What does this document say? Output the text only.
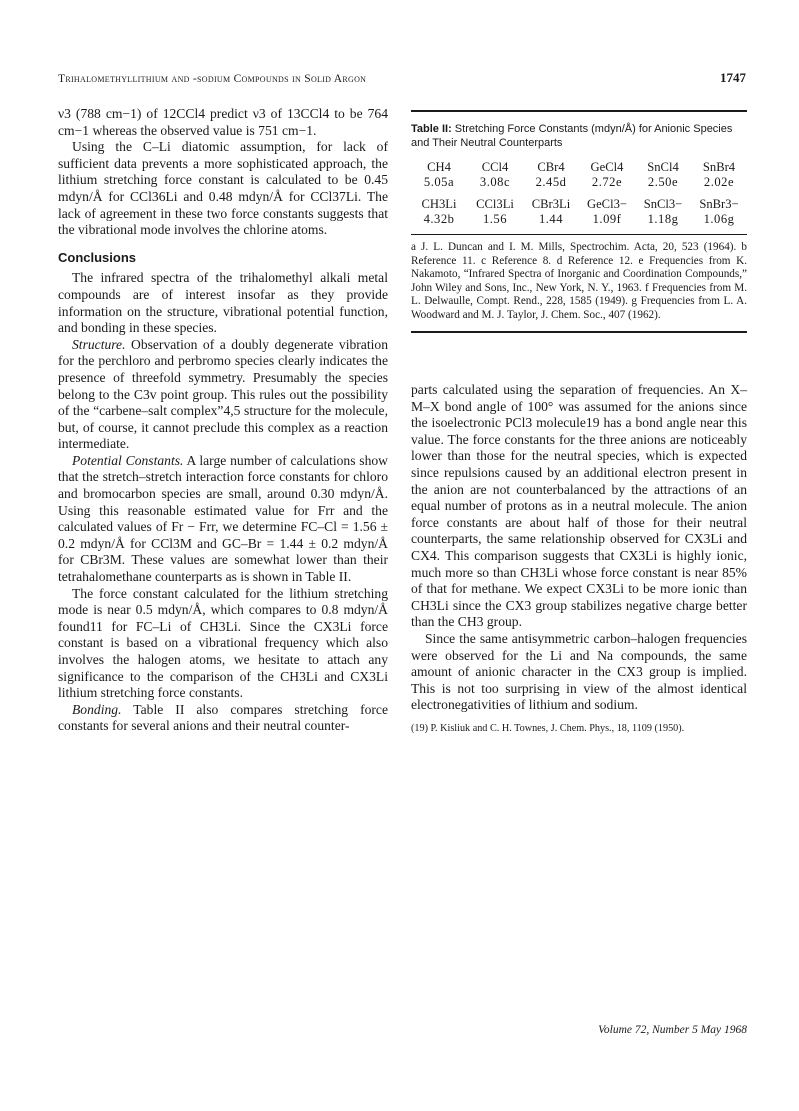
Trihalomethyllithium and -sodium Compounds in Solid Argon	1747

ν3 (788 cm−1) of 12CCl4 predict ν3 of 13CCl4 to be 764 cm−1 whereas the observed value is 751 cm−1.

Using the C–Li diatomic assumption, for lack of sufficient data prevents a more sophisticated approach, the lithium stretching force constant is calculated to be 0.45 mdyn/Å for CCl36Li and 0.48 mdyn/Å for CCl37Li. The lack of agreement in these two force constants suggests that the vibrational mode involves the chlorine atoms.

Conclusions

The infrared spectra of the trihalomethyl alkali metal compounds are of interest insofar as they provide information on the structure, vibrational potential function, and bonding in these species.

Structure. Observation of a doubly degenerate vibration for the perchloro and perbromo species clearly indicates the presence of threefold symmetry. Presumably the species belong to the C3v point group. This rules out the possibility of the “carbene–salt complex”4,5 structure for the molecule, but, of course, it cannot preclude this complex as a reaction intermediate.

Potential Constants. A large number of calculations show that the stretch–stretch interaction force constants for chloro and bromocarbon species are small, around 0.30 mdyn/Å. Using this reasonable estimated value for Frr and the calculated values of Fr − Frr, we determine FC–Cl = 1.56 ± 0.2 mdyn/Å for CCl3M and GC–Br = 1.44 ± 0.2 mdyn/Å for CBr3M. These values are somewhat lower than their tetrahalomethane counterparts as is shown in Table II.

The force constant calculated for the lithium stretching mode is near 0.5 mdyn/Å, which compares to 0.8 mdyn/Å found11 for FC–Li of CH3Li. Since the CX3Li force constant is based on a vibrational frequency which also involves the halogen atoms, we hesitate to attach any significance to the comparison of the CH3Li and CX3Li lithium stretching force constants.

Bonding. Table II also compares stretching force constants for several anions and their neutral counter-

Table II: Stretching Force Constants (mdyn/Å) for Anionic Species and Their Neutral Counterparts
CH4	CCl4	CBr4	GeCl4	SnCl4	SnBr4
5.05a	3.08c	2.45d	2.72e	2.50e	2.02e
CH3Li	CCl3Li	CBr3Li	GeCl3−	SnCl3−	SnBr3−
4.32b	1.56	1.44	1.09f	1.18g	1.06g
a J. L. Duncan and I. M. Mills, Spectrochim. Acta, 20, 523 (1964). b Reference 11. c Reference 8. d Reference 12. e Frequencies from K. Nakamoto, “Infrared Spectra of Inorganic and Coordination Compounds,” John Wiley and Sons, Inc., New York, N. Y., 1963. f Frequencies from M. L. Delwaulle, Compt. Rend., 228, 1585 (1949). g Frequencies from L. A. Woodward and M. J. Taylor, J. Chem. Soc., 407 (1962).

parts calculated using the separation of frequencies. An X–M–X bond angle of 100° was assumed for the anions since the isoelectronic PCl3 molecule19 has a bond angle near this value. The force constants for the three anions are noticeably lower than those for the neutral species, which is expected since repulsions caused by an additional electron present in the anion are not counterbalanced by the attractions of an equal number of protons as in a neutral molecule. The anion force constants are about half of those for their neutral counterparts, the same relationship observed for CX3Li and CX4. This comparison suggests that CX3Li is highly ionic, much more so than CH3Li whose force constant is near 85% of that for methane. We expect CX3Li to be more ionic than CH3Li since the CX3 group stabilizes negative charge better than the CH3 group.

Since the same antisymmetric carbon–halogen frequencies were observed for the Li and Na compounds, the same amount of anionic character in the CX3 group is implied. This is not too surprising in view of the almost identical electronegativities of lithium and sodium.

(19) P. Kisliuk and C. H. Townes, J. Chem. Phys., 18, 1109 (1950).
Volume 72, Number 5 May 1968
